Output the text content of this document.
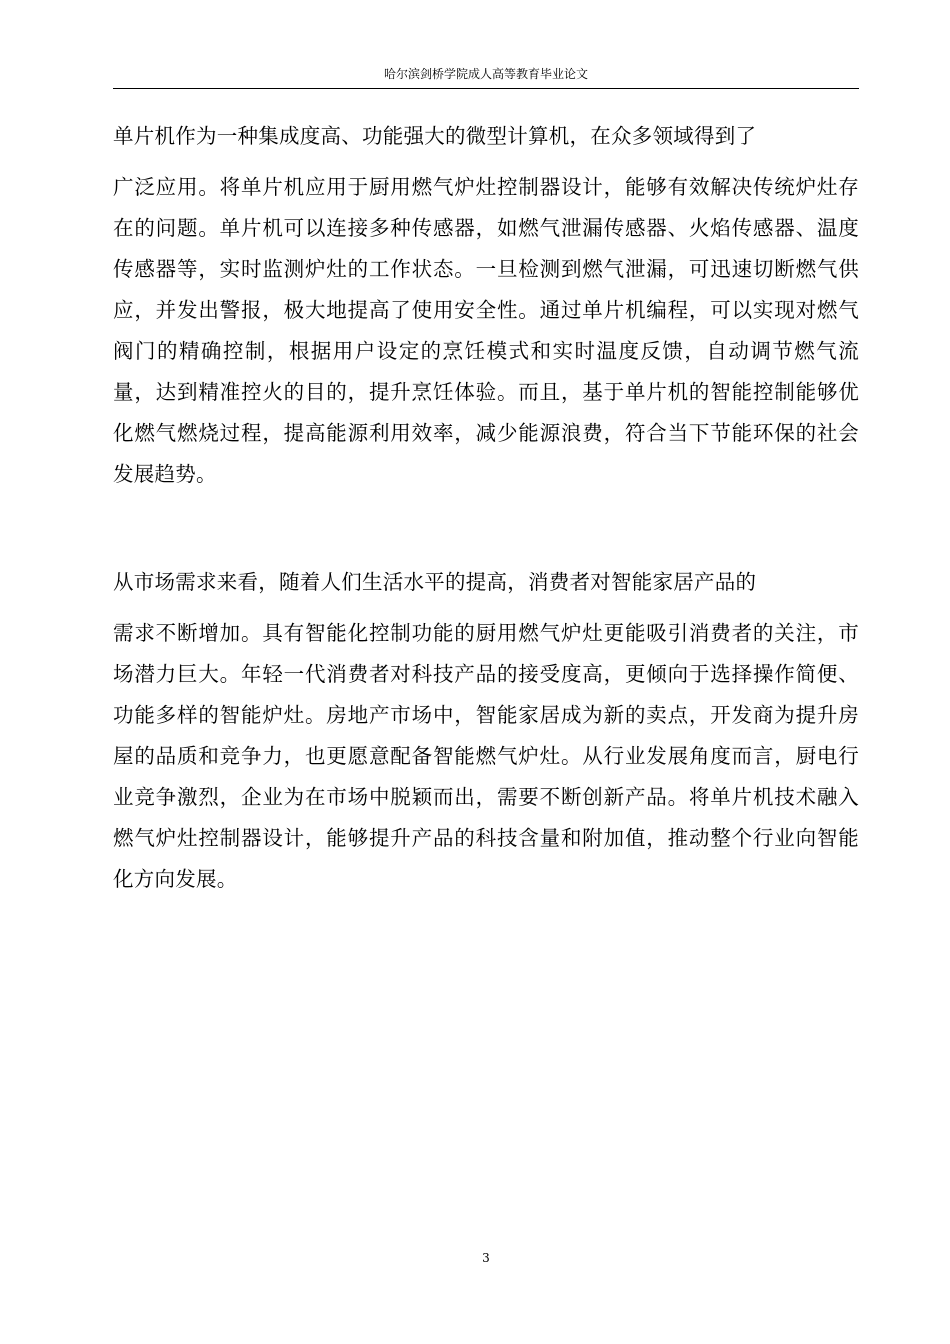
哈尔滨剑桥学院成人高等教育毕业论文

单片机作为一种集成度高、功能强大的微型计算机，在众多领域得到了
广泛应用。将单片机应用于厨用燃气炉灶控制器设计，能够有效解决传统炉灶存在的问题。单片机可以连接多种传感器，如燃气泄漏传感器、火焰传感器、温度传感器等，实时监测炉灶的工作状态。一旦检测到燃气泄漏，可迅速切断燃气供应，并发出警报，极大地提高了使用安全性。通过单片机编程，可以实现对燃气阀门的精确控制，根据用户设定的烹饪模式和实时温度反馈，自动调节燃气流量，达到精准控火的目的，提升烹饪体验。而且，基于单片机的智能控制能够优化燃气燃烧过程，提高能源利用效率，减少能源浪费，符合当下节能环保的社会发展趋势。

从市场需求来看，随着人们生活水平的提高，消费者对智能家居产品的
需求不断增加。具有智能化控制功能的厨用燃气炉灶更能吸引消费者的关注，市场潜力巨大。年轻一代消费者对科技产品的接受度高，更倾向于选择操作简便、功能多样的智能炉灶。房地产市场中，智能家居成为新的卖点，开发商为提升房屋的品质和竞争力，也更愿意配备智能燃气炉灶。从行业发展角度而言，厨电行业竞争激烈，企业为在市场中脱颖而出，需要不断创新产品。将单片机技术融入燃气炉灶控制器设计，能够提升产品的科技含量和附加值，推动整个行业向智能化方向发展。

3
